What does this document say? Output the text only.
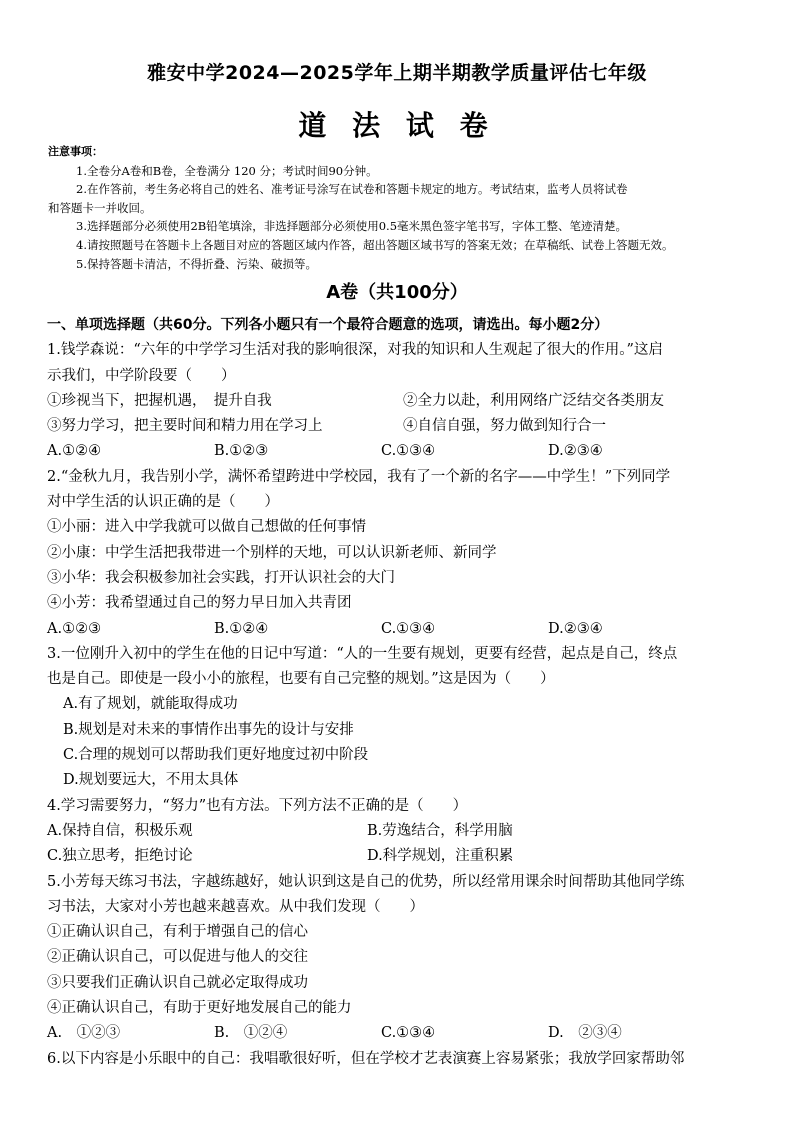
雅安中学2024—2025学年上期半期教学质量评估七年级
道 法 试 卷
注意事项：
1.全卷分A卷和B卷，全卷满分 120 分；考试时间90分钟。
2.在作答前，考生务必将自己的姓名、准考证号涂写在试卷和答题卡规定的地方。考试结束，监考人员将试卷
和答题卡一并收回。
3.选择题部分必须使用2B铅笔填涂，非选择题部分必须使用0.5毫米黑色签字笔书写，字体工整、笔迹清楚。
4.请按照题号在答题卡上各题目对应的答题区域内作答，超出答题区域书写的答案无效；在草稿纸、试卷上答题无效。
5.保持答题卡清洁，不得折叠、污染、破损等。
A卷（共100分）

一、单项选择题（共60分。下列各小题只有一个最符合题意的选项，请选出。每小题2分）

1.钱学森说：“六年的中学学习生活对我的影响很深，对我的知识和人生观起了很大的作用。”这启

示我们，中学阶段要（　　）

①珍视当下，把握机遇，　提升自我	②全力以赴，利用网络广泛结交各类朋友

③努力学习，把主要时间和精力用在学习上	④自信自强，努力做到知行合一

A.①②④	B.①②③	C.①③④	D.②③④

2.“金秋九月，我告别小学，满怀希望跨进中学校园，我有了一个新的名字——中学生！”下列同学

对中学生活的认识正确的是（　　）

①小丽：进入中学我就可以做自己想做的任何事情

②小康：中学生活把我带进一个别样的天地，可以认识新老师、新同学

③小华：我会积极参加社会实践，打开认识社会的大门

④小芳：我希望通过自己的努力早日加入共青团

A.①②③	B.①②④	C.①③④	D.②③④

3.一位刚升入初中的学生在他的日记中写道：“人的一生要有规划，更要有经营，起点是自己，终点

也是自己。即使是一段小小的旅程，也要有自己完整的规划。”这是因为（　　）

A.有了规划，就能取得成功

B.规划是对未来的事情作出事先的设计与安排

C.合理的规划可以帮助我们更好地度过初中阶段

D.规划要远大，不用太具体

4.学习需要努力，“努力”也有方法。下列方法不正确的是（　　）

A.保持自信，积极乐观	B.劳逸结合，科学用脑

C.独立思考，拒绝讨论	D.科学规划，注重积累

5.小芳每天练习书法，字越练越好，她认识到这是自己的优势，所以经常用课余时间帮助其他同学练

习书法，大家对小芳也越来越喜欢。从中我们发现（　　）

①正确认识自己，有利于增强自己的信心

②正确认识自己，可以促进与他人的交往

③只要我们正确认识自己就必定取得成功

④正确认识自己，有助于更好地发展自己的能力

A.　①②③	B.　①②④	C.①③④	D.　②③④

6.以下内容是小乐眼中的自己：我唱歌很好听，但在学校才艺表演赛上容易紧张；我放学回家帮助邻
